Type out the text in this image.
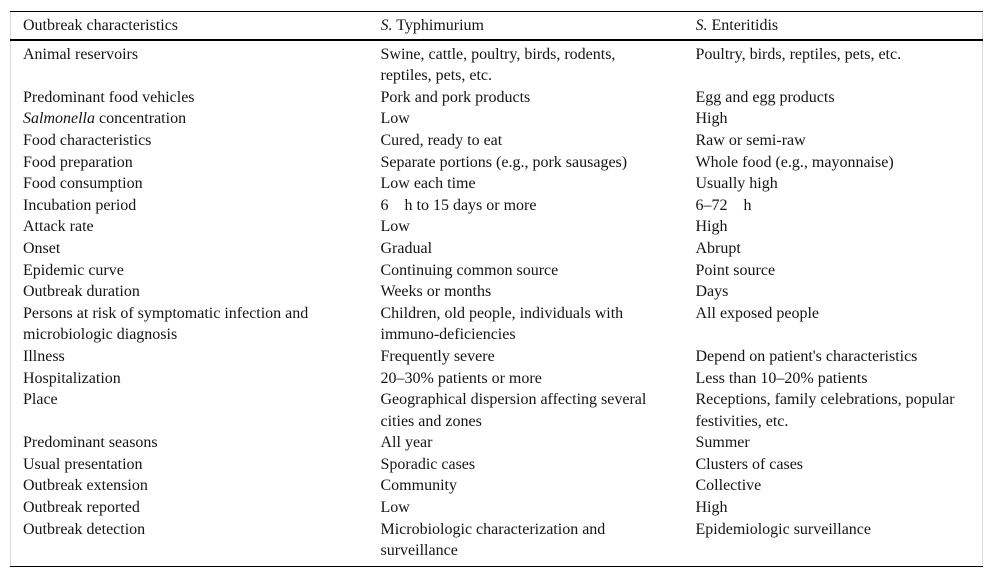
Outbreak characteristics	S. Typhimurium	S. Enteritidis
Animal reservoirs	Swine, cattle, poultry, birds, rodents, reptiles, pets, etc.	Poultry, birds, reptiles, pets, etc.
Predominant food vehicles	Pork and pork products	Egg and egg products
Salmonella concentration	Low	High
Food characteristics	Cured, ready to eat	Raw or semi-raw
Food preparation	Separate portions (e.g., pork sausages)	Whole food (e.g., mayonnaise)
Food consumption	Low each time	Usually high
Incubation period	6    h to 15 days or more	6–72    h
Attack rate	Low	High
Onset	Gradual	Abrupt
Epidemic curve	Continuing common source	Point source
Outbreak duration	Weeks or months	Days
Persons at risk of symptomatic infection and microbiologic diagnosis	Children, old people, individuals with immuno-deficiencies	All exposed people
Illness	Frequently severe	Depend on patient's characteristics
Hospitalization	20–30% patients or more	Less than 10–20% patients
Place	Geographical dispersion affecting several cities and zones	Receptions, family celebrations, popular festivities, etc.
Predominant seasons	All year	Summer
Usual presentation	Sporadic cases	Clusters of cases
Outbreak extension	Community	Collective
Outbreak reported	Low	High
Outbreak detection	Microbiologic characterization and surveillance	Epidemiologic surveillance
